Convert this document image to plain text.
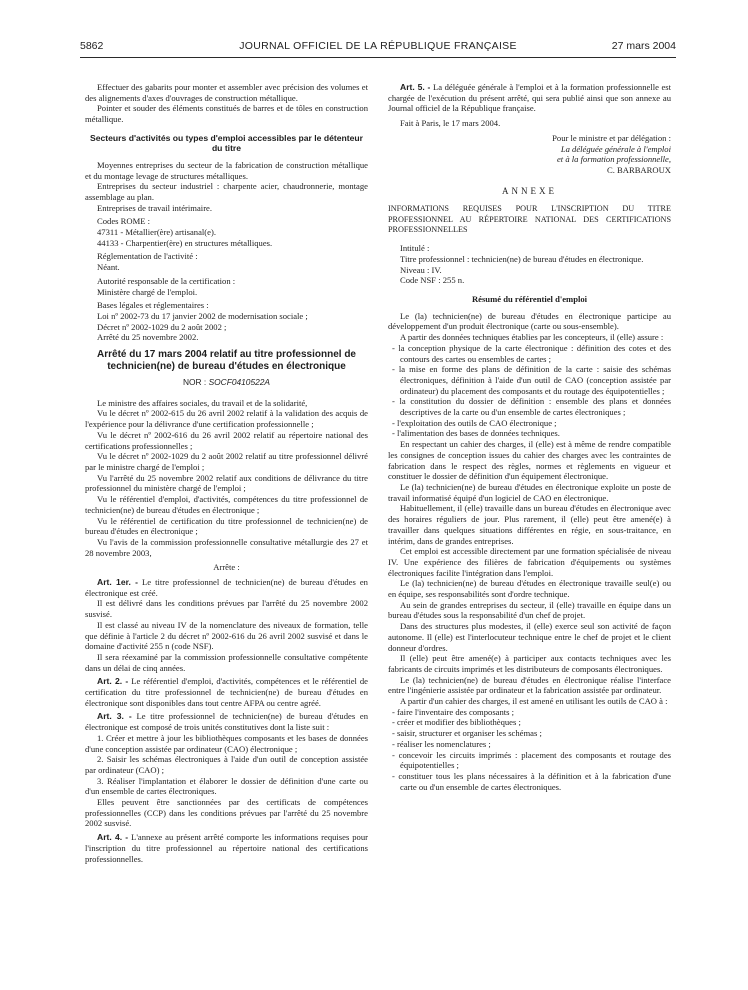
5862	JOURNAL OFFICIEL DE LA RÉPUBLIQUE FRANÇAISE	27 mars 2004

Effectuer des gabarits pour monter et assembler avec précision des volumes et des alignements d'axes d'ouvrages de construction métallique.

Pointer et souder des éléments constitués de barres et de tôles en construction métallique.

Secteurs d'activités ou types d'emploi accessibles par le détenteur du titre

Moyennes entreprises du secteur de la fabrication de construction métallique et du montage levage de structures métalliques.

Entreprises du secteur industriel : charpente acier, chaudronnerie, montage assemblage au plan.

Entreprises de travail intérimaire.

Codes ROME :

47311 - Métallier(ère) artisanal(e).

44133 - Charpentier(ère) en structures métalliques.

Réglementation de l'activité :

Néant.

Autorité responsable de la certification :

Ministère chargé de l'emploi.

Bases légales et réglementaires :

Loi nº 2002-73 du 17 janvier 2002 de modernisation sociale ;

Décret nº 2002-1029 du 2 août 2002 ;

Arrêté du 25 novembre 2002.

Arrêté du 17 mars 2004 relatif au titre professionnel de technicien(ne) de bureau d'études en électronique
NOR : SOCF0410522A

Le ministre des affaires sociales, du travail et de la solidarité,

Vu le décret nº 2002-615 du 26 avril 2002 relatif à la validation des acquis de l'expérience pour la délivrance d'une certification professionnelle ;

Vu le décret nº 2002-616 du 26 avril 2002 relatif au répertoire national des certifications professionnelles ;

Vu le décret nº 2002-1029 du 2 août 2002 relatif au titre professionnel délivré par le ministre chargé de l'emploi ;

Vu l'arrêté du 25 novembre 2002 relatif aux conditions de délivrance du titre professionnel du ministère chargé de l'emploi ;

Vu le référentiel d'emploi, d'activités, compétences du titre professionnel de technicien(ne) de bureau d'études en électronique ;

Vu le référentiel de certification du titre professionnel de technicien(ne) de bureau d'études en électronique ;

Vu l'avis de la commission professionnelle consultative métallurgie des 27 et 28 novembre 2003,

Arrête :

Art. 1er. - Le titre professionnel de technicien(ne) de bureau d'études en électronique est créé.

Il est délivré dans les conditions prévues par l'arrêté du 25 novembre 2002 susvisé.

Il est classé au niveau IV de la nomenclature des niveaux de formation, telle que définie à l'article 2 du décret nº 2002-616 du 26 avril 2002 susvisé et dans le domaine d'activité 255 n (code NSF).

Il sera réexaminé par la commission professionnelle consultative compétente dans un délai de cinq années.

Art. 2. - Le référentiel d'emploi, d'activités, compétences et le référentiel de certification du titre professionnel de technicien(ne) de bureau d'études en électronique sont disponibles dans tout centre AFPA ou centre agréé.

Art. 3. - Le titre professionnel de technicien(ne) de bureau d'études en électronique est composé de trois unités constitutives dont la liste suit :

1. Créer et mettre à jour les bibliothèques composants et les bases de données d'une conception assistée par ordinateur (CAO) électronique ;

2. Saisir les schémas électroniques à l'aide d'un outil de conception assistée par ordinateur (CAO) ;

3. Réaliser l'implantation et élaborer le dossier de définition d'une carte ou d'un ensemble de cartes électroniques.

Elles peuvent être sanctionnées par des certificats de compétences professionnelles (CCP) dans les conditions prévues par l'arrêté du 25 novembre 2002 susvisé.

Art. 4. - L'annexe au présent arrêté comporte les informations requises pour l'inscription du titre professionnel au répertoire national des certifications professionnelles.

Art. 5. - La déléguée générale à l'emploi et à la formation professionnelle est chargée de l'exécution du présent arrêté, qui sera publié ainsi que son annexe au Journal officiel de la République française.

Fait à Paris, le 17 mars 2004.

Pour le ministre et par délégation :

La déléguée générale à l'emploi

et à la formation professionnelle,

C. BARBAROUX

ANNEXE

INFORMATIONS REQUISES POUR L'INSCRIPTION DU TITRE PROFESSIONNEL AU RÉPERTOIRE NATIONAL DES CERTIFICATIONS PROFESSIONNELLES

Intitulé :

Titre professionnel : technicien(ne) de bureau d'études en électronique.

Niveau : IV.

Code NSF : 255 n.

Résumé du référentiel d'emploi

Le (la) technicien(ne) de bureau d'études en électronique participe au développement d'un produit électronique (carte ou sous-ensemble).

A partir des données techniques établies par les concepteurs, il (elle) assure :

- la conception physique de la carte électronique : définition des cotes et des contours des cartes ou ensembles de cartes ;

- la mise en forme des plans de définition de la carte : saisie des schémas électroniques, définition à l'aide d'un outil de CAO (conception assistée par ordinateur) du placement des composants et du routage des équipotentielles ;

- la constitution du dossier de définition : ensemble des plans et données descriptives de la carte ou d'un ensemble de cartes électroniques ;

- l'exploitation des outils de CAO électronique ;

- l'alimentation des bases de données techniques.

En respectant un cahier des charges, il (elle) est à même de rendre compatible les consignes de conception issues du cahier des charges avec les contraintes de fabrication dans le respect des règles, normes et règlements en vigueur et constituer le dossier de définition d'un équipement électronique.

Le (la) technicien(ne) de bureau d'études en électronique exploite un poste de travail informatisé équipé d'un logiciel de CAO en électronique.

Habituellement, il (elle) travaille dans un bureau d'études en électronique avec des horaires réguliers de jour. Plus rarement, il (elle) peut être amené(e) à travailler dans quelques situations différentes en régie, en sous-traitance, en intérim, dans de grandes entreprises.

Cet emploi est accessible directement par une formation spécialisée de niveau IV. Une expérience des filières de fabrication d'équipements ou systèmes électroniques facilite l'intégration dans l'emploi.

Le (la) technicien(ne) de bureau d'études en électronique travaille seul(e) ou en équipe, ses responsabilités sont d'ordre technique.

Au sein de grandes entreprises du secteur, il (elle) travaille en équipe dans un bureau d'études sous la responsabilité d'un chef de projet.

Dans des structures plus modestes, il (elle) exerce seul son activité de façon autonome. Il (elle) est l'interlocuteur technique entre le chef de projet et le client donneur d'ordres.

Il (elle) peut être amené(e) à participer aux contacts techniques avec les fabricants de circuits imprimés et les distributeurs de composants électroniques.

Le (la) technicien(ne) de bureau d'études en électronique réalise l'interface entre l'ingénierie assistée par ordinateur et la fabrication assistée par ordinateur.

A partir d'un cahier des charges, il est amené en utilisant les outils de CAO à :

- faire l'inventaire des composants ;

- créer et modifier des bibliothèques ;

- saisir, structurer et organiser les schémas ;

- réaliser les nomenclatures ;

- concevoir les circuits imprimés : placement des composants et routage des équipotentielles ;

- constituer tous les plans nécessaires à la définition et à la fabrication d'une carte ou d'un ensemble de cartes électroniques.
